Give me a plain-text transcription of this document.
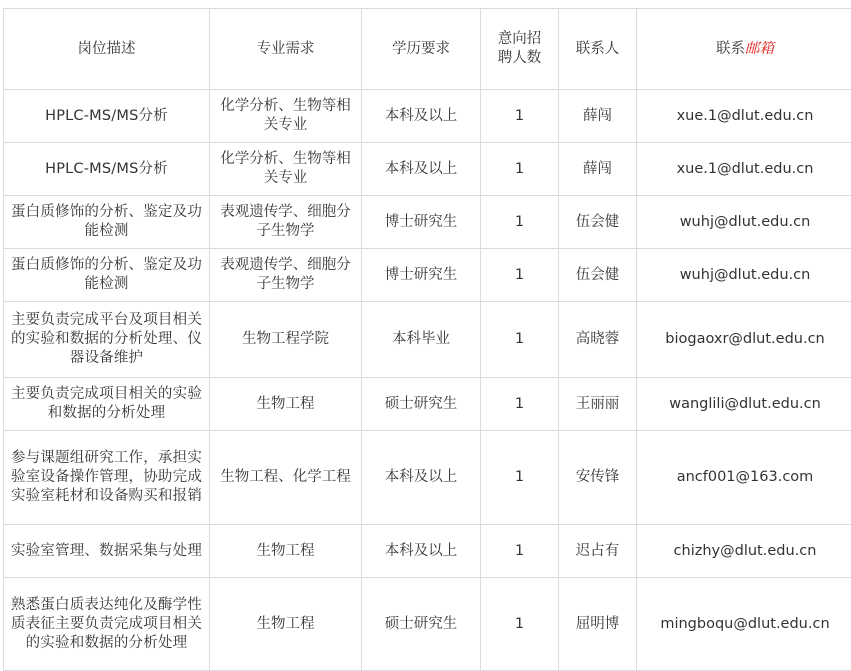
岗位描述	专业需求	学历要求	意向招聘人数	联系人	联系邮箱
HPLC-MS/MS分析	化学分析、生物等相关专业	本科及以上	1	薛闯	xue.1@dlut.edu.cn
HPLC-MS/MS分析	化学分析、生物等相关专业	本科及以上	1	薛闯	xue.1@dlut.edu.cn
蛋白质修饰的分析、鉴定及功能检测	表观遗传学、细胞分子生物学	博士研究生	1	伍会健	wuhj@dlut.edu.cn
蛋白质修饰的分析、鉴定及功能检测	表观遗传学、细胞分子生物学	博士研究生	1	伍会健	wuhj@dlut.edu.cn
主要负责完成平台及项目相关的实验和数据的分析处理、仪器设备维护	生物工程学院	本科毕业	1	高晓蓉	biogaoxr@dlut.edu.cn
主要负责完成项目相关的实验和数据的分析处理	生物工程	硕士研究生	1	王丽丽	wanglili@dlut.edu.cn
参与课题组研究工作，承担实验室设备操作管理，协助完成实验室耗材和设备购买和报销	生物工程、化学工程	本科及以上	1	安传锋	ancf001@163.com
实验室管理、数据采集与处理	生物工程	本科及以上	1	迟占有	chizhy@dlut.edu.cn
熟悉蛋白质表达纯化及酶学性质表征主要负责完成项目相关的实验和数据的分析处理	生物工程	硕士研究生	1	屈明博	mingboqu@dlut.edu.cn
